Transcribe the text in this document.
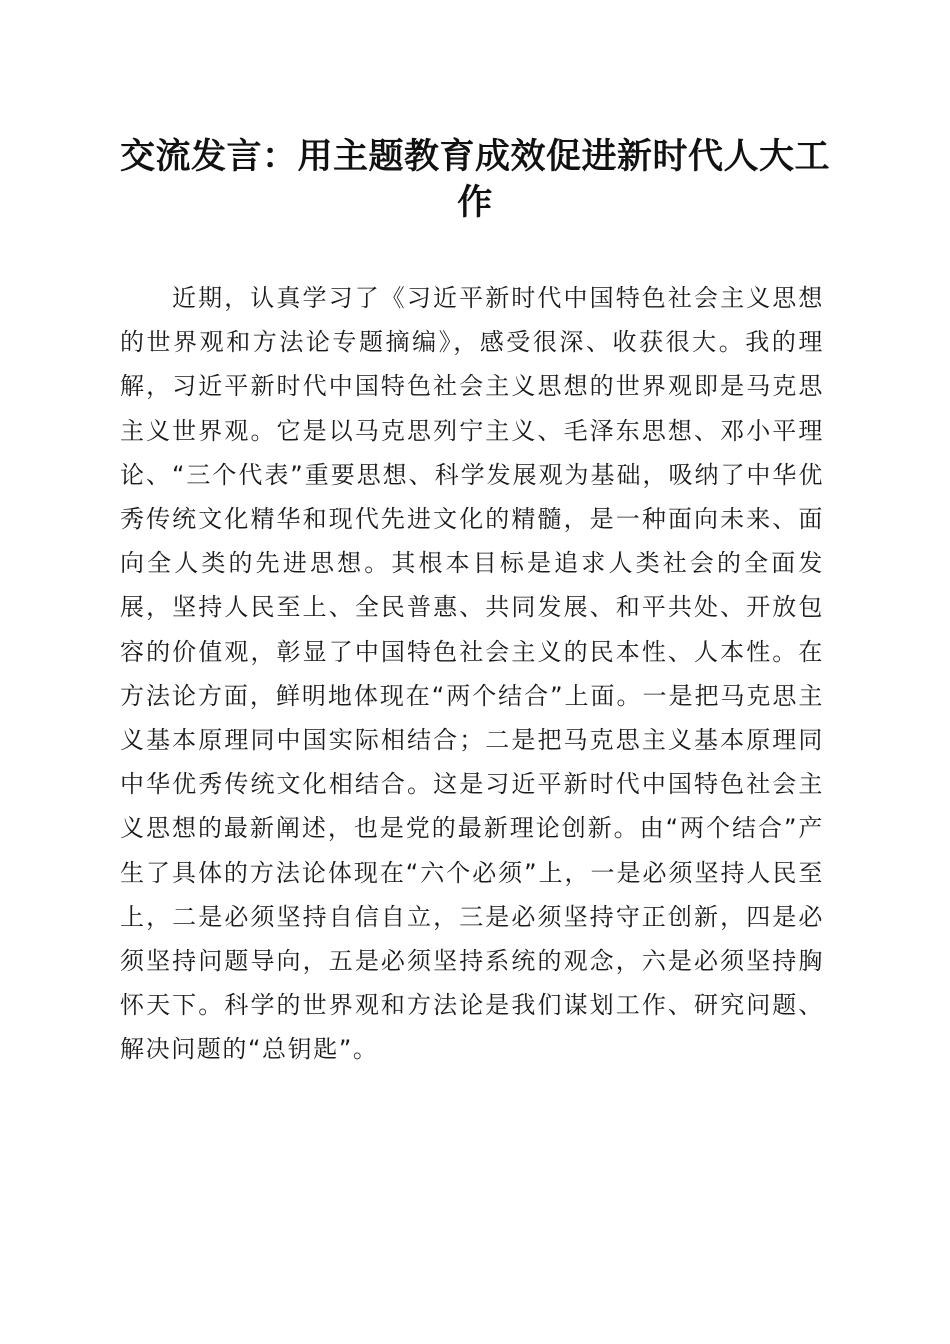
交流发言：用主题教育成效促进新时代人大工作

近期，认真学习了《习近平新时代中国特色社会主义思想的世界观和方法论专题摘编》，感受很深、收获很大。我的理解，习近平新时代中国特色社会主义思想的世界观即是马克思主义世界观。它是以马克思列宁主义、毛泽东思想、邓小平理论、“三个代表”重要思想、科学发展观为基础，吸纳了中华优秀传统文化精华和现代先进文化的精髓，是一种面向未来、面向全人类的先进思想。其根本目标是追求人类社会的全面发展，坚持人民至上、全民普惠、共同发展、和平共处、开放包容的价值观，彰显了中国特色社会主义的民本性、人本性。在方法论方面，鲜明地体现在“两个结合”上面。一是把马克思主义基本原理同中国实际相结合；二是把马克思主义基本原理同中华优秀传统文化相结合。这是习近平新时代中国特色社会主义思想的最新阐述，也是党的最新理论创新。由“两个结合”产生了具体的方法论体现在“六个必须”上，一是必须坚持人民至上，二是必须坚持自信自立，三是必须坚持守正创新，四是必须坚持问题导向，五是必须坚持系统的观念，六是必须坚持胸怀天下。科学的世界观和方法论是我们谋划工作、研究问题、解决问题的“总钥匙”。
